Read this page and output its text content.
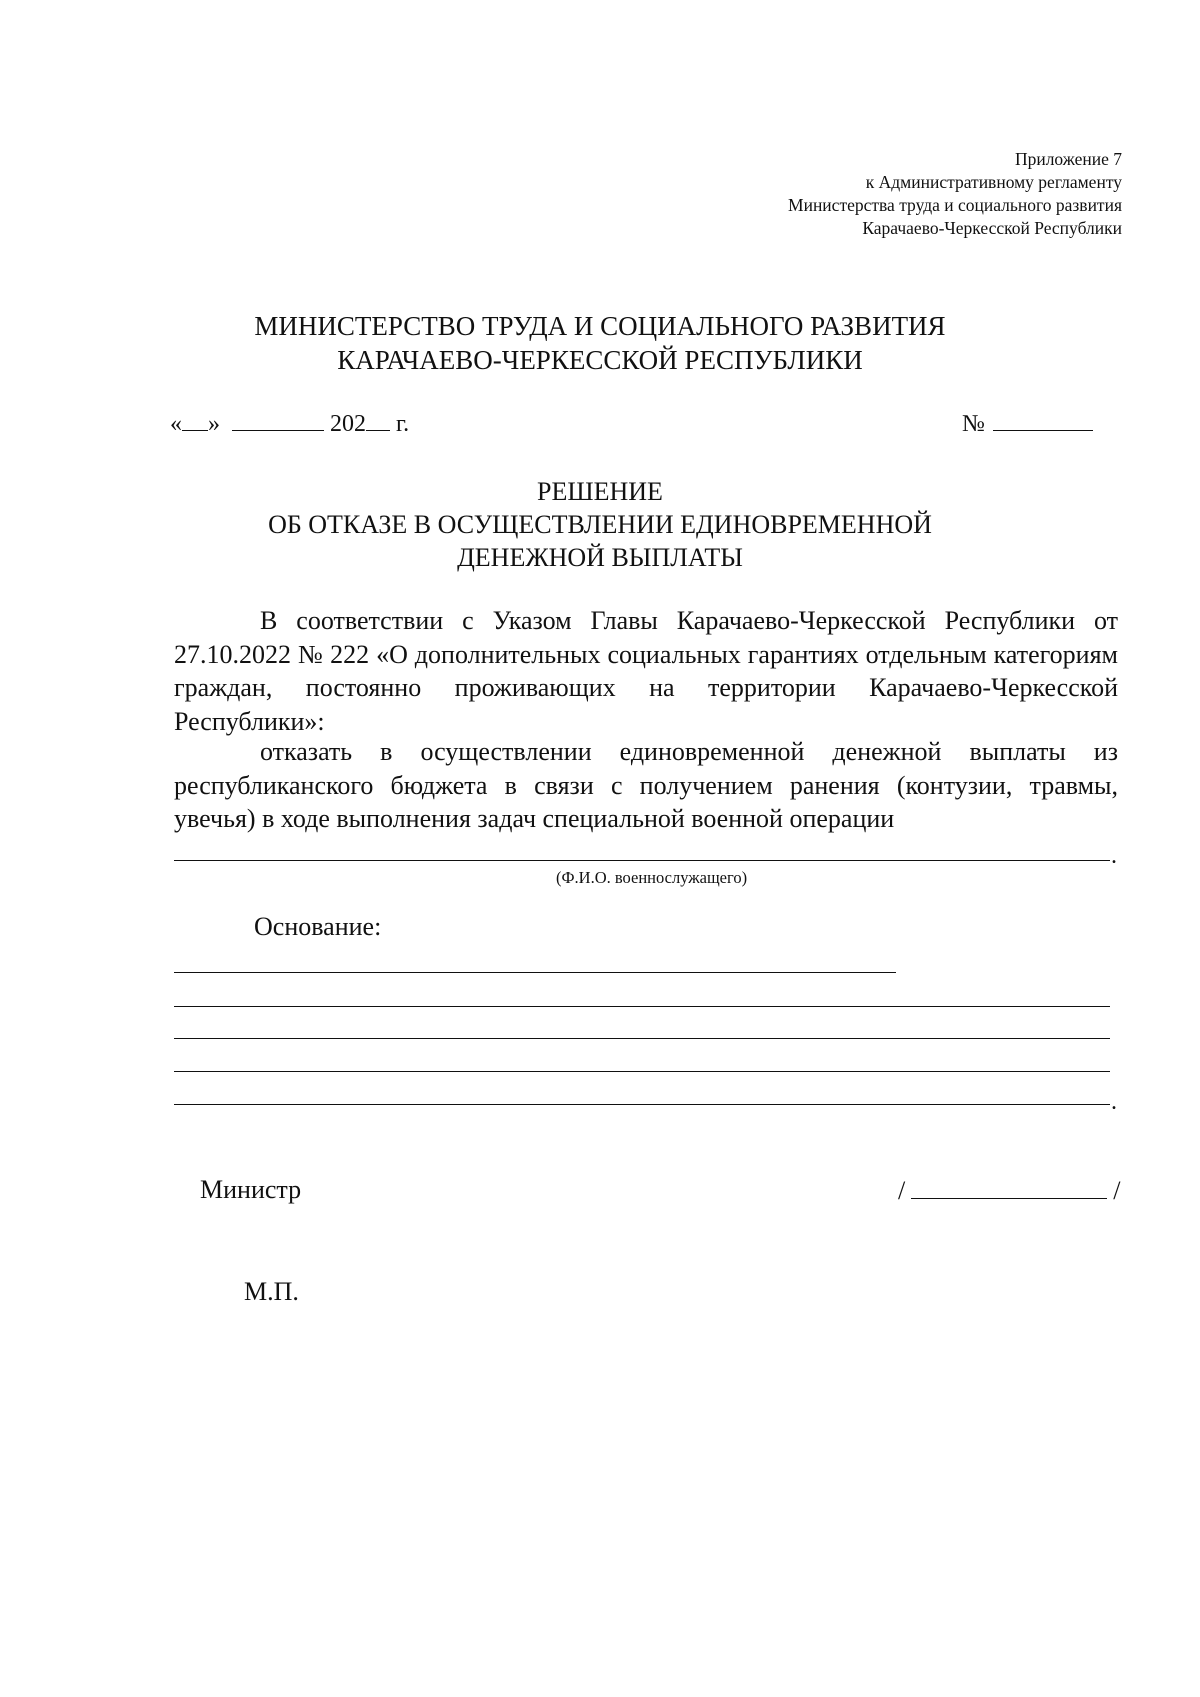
Приложение 7
к Административному регламенту
Министерства труда и социального развития
Карачаево-Черкесской Республики
МИНИСТЕРСТВО ТРУДА И СОЦИАЛЬНОГО РАЗВИТИЯ
КАРАЧАЕВО-ЧЕРКЕССКОЙ РЕСПУБЛИКИ
« »	202 г.	№
РЕШЕНИЕ
ОБ ОТКАЗЕ В ОСУЩЕСТВЛЕНИИ ЕДИНОВРЕМЕННОЙ
ДЕНЕЖНОЙ ВЫПЛАТЫ

В соответствии с Указом Главы Карачаево-Черкесской Республики от 27.10.2022 № 222 «О дополнительных социальных гарантиях отдельным категориям граждан, постоянно проживающих на территории Карачаево-Черкесской Республики»:

отказать в осуществлении единовременной денежной выплаты из республиканского бюджета в связи с получением ранения (контузии, травмы, увечья) в ходе выполнения задач специальной военной операции

.
(Ф.И.О. военнослужащего)
Основание:
.
Министр	/	/
М.П.
